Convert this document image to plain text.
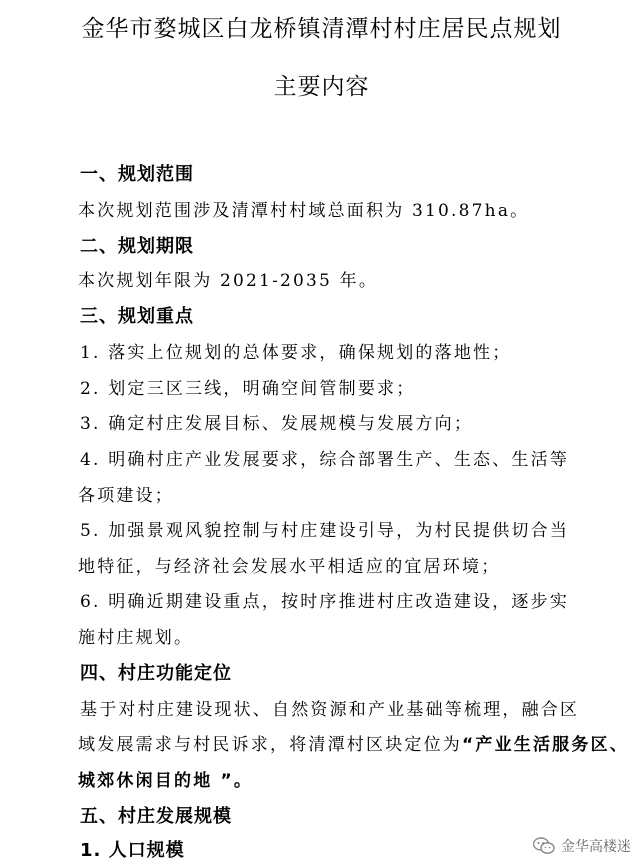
金华市婺城区白龙桥镇清潭村村庄居民点规划
主要内容
一、规划范围
本次规划范围涉及清潭村村域总面积为 310.87ha。
二、规划期限
本次规划年限为 2021-2035 年。
三、规划重点
1. 落实上位规划的总体要求，确保规划的落地性；
2. 划定三区三线，明确空间管制要求；
3. 确定村庄发展目标、发展规模与发展方向；
4. 明确村庄产业发展要求，综合部署生产、生态、生活等
各项建设；
5. 加强景观风貌控制与村庄建设引导，为村民提供切合当
地特征，与经济社会发展水平相适应的宜居环境；
6. 明确近期建设重点，按时序推进村庄改造建设，逐步实
施村庄规划。
四、村庄功能定位
基于对村庄建设现状、自然资源和产业基础等梳理，融合区
域发展需求与村民诉求，将清潭村区块定位为“产业生活服务区、
城郊休闲目的地 ”。
五、村庄发展规模
1. 人口规模	金华高楼迷
